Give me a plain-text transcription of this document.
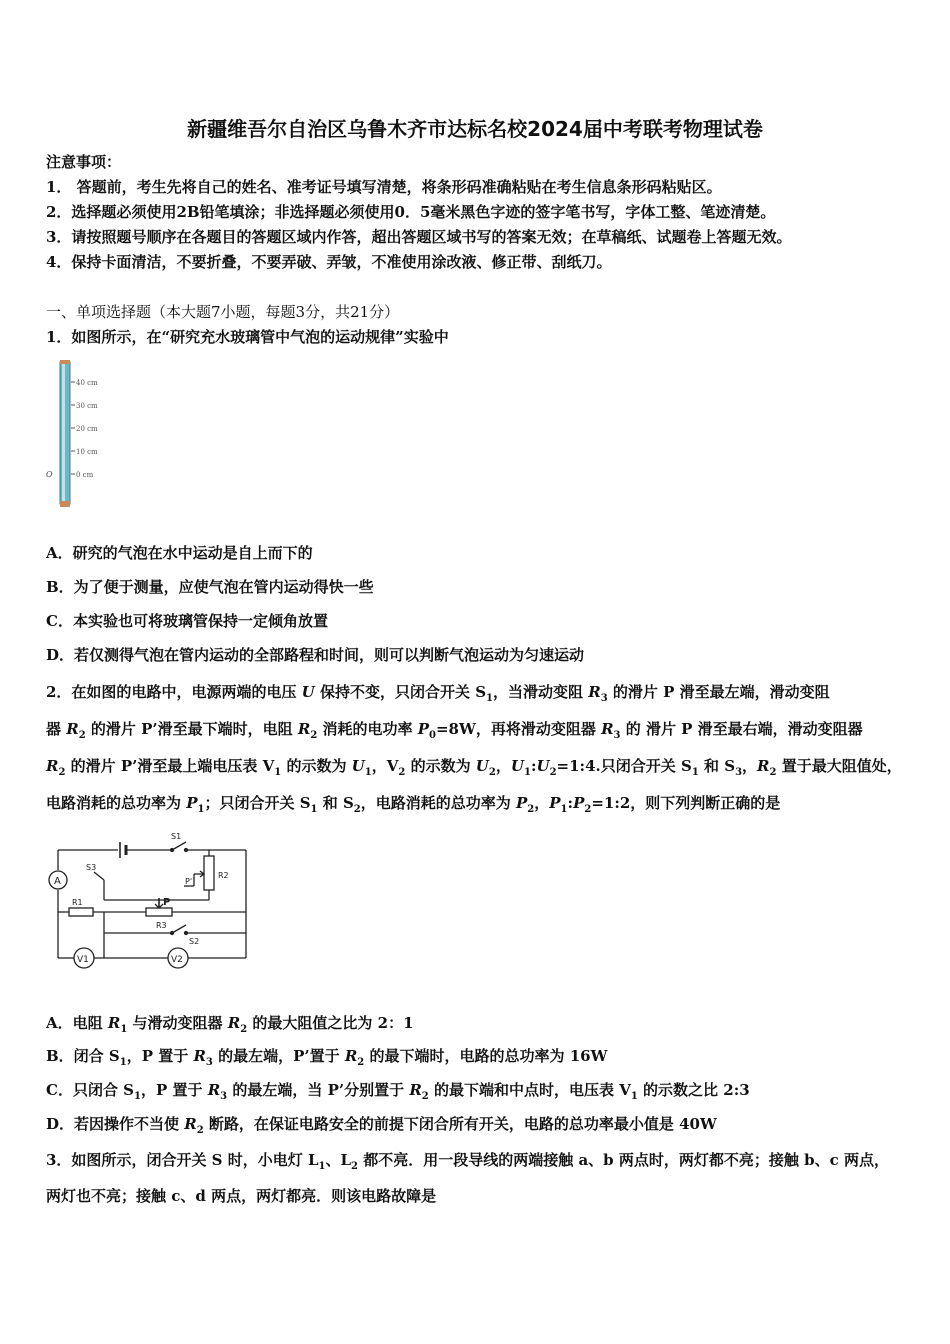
新疆维吾尔自治区乌鲁木齐市达标名校2024届中考联考物理试卷
注意事项：
1． 答题前，考生先将自己的姓名、准考证号填写清楚，将条形码准确粘贴在考生信息条形码粘贴区。
2．选择题必须使用2B铅笔填涂；非选择题必须使用0．5毫米黑色字迹的签字笔书写，字体工整、笔迹清楚。
3．请按照题号顺序在各题目的答题区域内作答，超出答题区域书写的答案无效；在草稿纸、试题卷上答题无效。
4．保持卡面清洁，不要折叠，不要弄破、弄皱，不准使用涂改液、修正带、刮纸刀。
一、单项选择题（本大题7小题，每题3分，共21分）
1．如图所示，在“研究充水玻璃管中气泡的运动规律”实验中
40 cm
30 cm
20 cm
10 cm
0 cm
O
A．研究的气泡在水中运动是自上而下的
B．为了便于测量，应使气泡在管内运动得快一些
C．本实验也可将玻璃管保持一定倾角放置
D．若仅测得气泡在管内运动的全部路程和时间，则可以判断气泡运动为匀速运动
2．在如图的电路中，电源两端的电压 U 保持不变，只闭合开关 $S_1$，当滑动变阻 $R_3$ 的滑片 P 滑至最左端，滑动变阻
器 $R_2$ 的滑片 P’滑至最下端时，电阻 $R_2$ 消耗的电功率 $P_0=8W$，再将滑动变阻器 $R_3$ 的 滑片 P 滑至最右端，滑动变阻器
$R_2$ 的滑片 P’滑至最上端电压表 $V_1$ 的示数为 $U_1$，$V_2$ 的示数为 $U_2$，$U_1:U_2=1:4$.只闭合开关 $S_1$ 和 $S_3$，$R_2$ 置于最大阻值处，
电路消耗的总功率为 $P_1$；只闭合开关 $S_1$ 和 $S_2$，电路消耗的总功率为 $P_2$，$P_1:P_2=1:2$，则下列判断正确的是
S1
R2
P'
S3
A
R1	P
R3
S2
V1	V2
A．电阻 $R_1$ 与滑动变阻器 $R_2$ 的最大阻值之比为 2：1
B．闭合 $S_1$，P 置于 $R_3$ 的最左端，P’置于 $R_2$ 的最下端时，电路的总功率为 16W
C．只闭合 $S_1$，P 置于 $R_3$ 的最左端，当 P’分别置于 $R_2$ 的最下端和中点时，电压表 $V_1$ 的示数之比 2:3
D．若因操作不当使 $R_2$ 断路，在保证电路安全的前提下闭合所有开关，电路的总功率最小值是 40W
3．如图所示，闭合开关 S 时，小电灯 $L_1$、$L_2$ 都不亮．用一段导线的两端接触 a、b 两点时，两灯都不亮；接触 b、c 两点，
两灯也不亮；接触 c、d 两点，两灯都亮．则该电路故障是
